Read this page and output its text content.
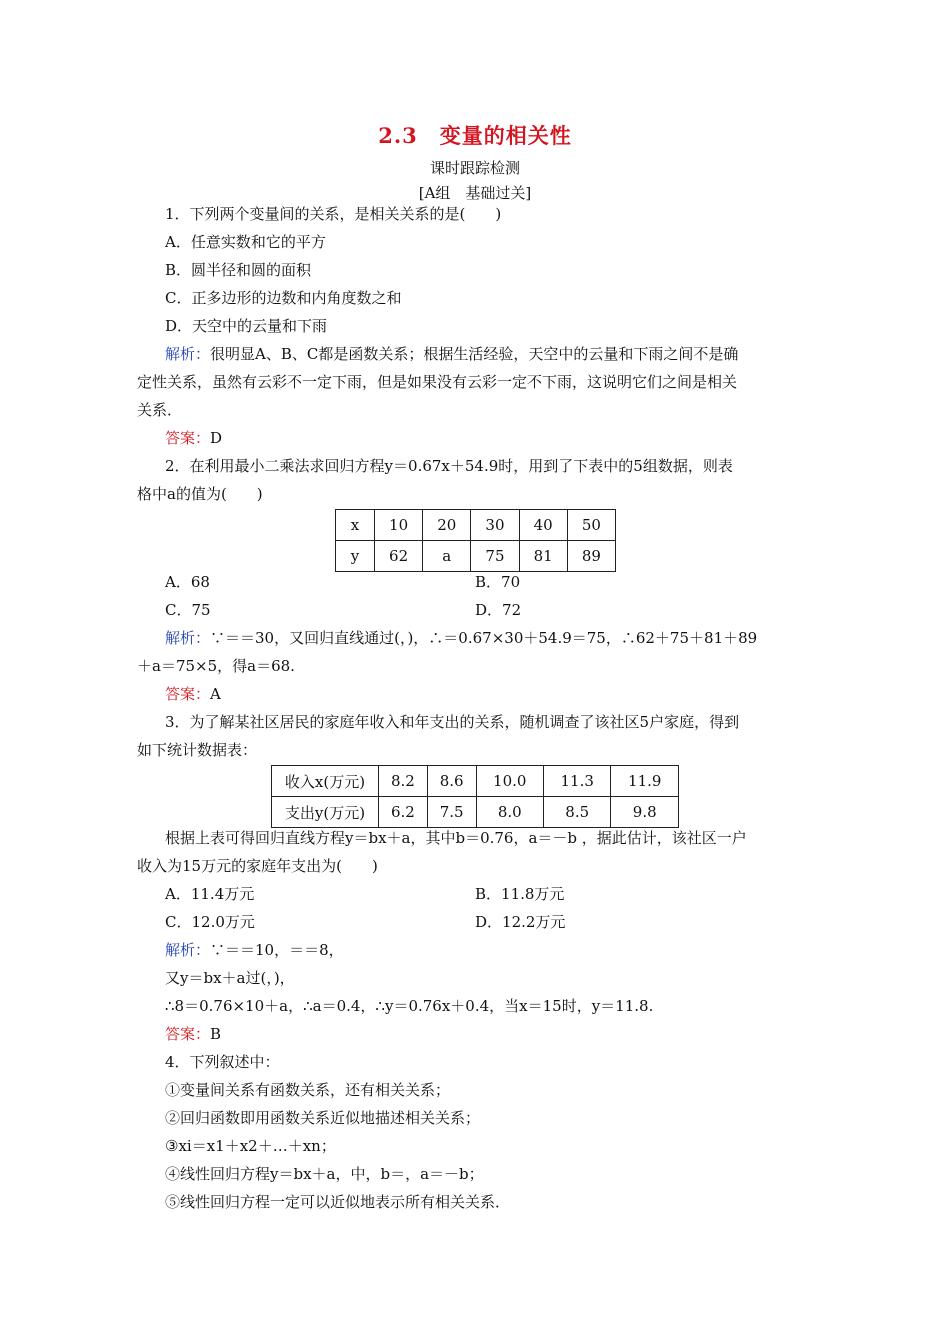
2.3　变量的相关性
课时跟踪检测
[A组　基础过关]
1．下列两个变量间的关系，是相关关系的是(　　)
A．任意实数和它的平方
B．圆半径和圆的面积
C．正多边形的边数和内角度数之和
D．天空中的云量和下雨
解析：很明显A、B、C都是函数关系；根据生活经验，天空中的云量和下雨之间不是确
定性关系，虽然有云彩不一定下雨，但是如果没有云彩一定不下雨，这说明它们之间是相关
关系．
答案：D
2．在利用最小二乘法求回归方程y＝0.67x＋54.9时，用到了下表中的5组数据，则表
格中a的值为(　　)
x	10	20	30	40	50
y	62	a	75	81	89
A．68	B．70
C．75	D．72
解析：∵＝＝30，又回归直线通过(，)，∴＝0.67×30＋54.9＝75，∴62＋75＋81＋89
＋a＝75×5，得a＝68.
答案：A
3．为了解某社区居民的家庭年收入和年支出的关系，随机调查了该社区5户家庭，得到
如下统计数据表：
收入x(万元)	8.2	8.6	10.0	11.3	11.9
支出y(万元)	6.2	7.5	8.0	8.5	9.8
根据上表可得回归直线方程y＝bx＋a，其中b＝0.76，a＝－b ，据此估计，该社区一户
收入为15万元的家庭年支出为(　　)
A．11.4万元	B．11.8万元
C．12.0万元	D．12.2万元
解析：∵＝＝10，＝＝8，
又y＝bx＋a过(，)，
∴8＝0.76×10＋a，∴a＝0.4，∴y＝0.76x＋0.4，当x＝15时，y＝11.8.
答案：B
4．下列叙述中：
①变量间关系有函数关系，还有相关关系；
②回归函数即用函数关系近似地描述相关关系；
③xi＝x1＋x2＋…＋xn；
④线性回归方程y＝bx＋a，中，b＝，a＝－b；
⑤线性回归方程一定可以近似地表示所有相关关系．
